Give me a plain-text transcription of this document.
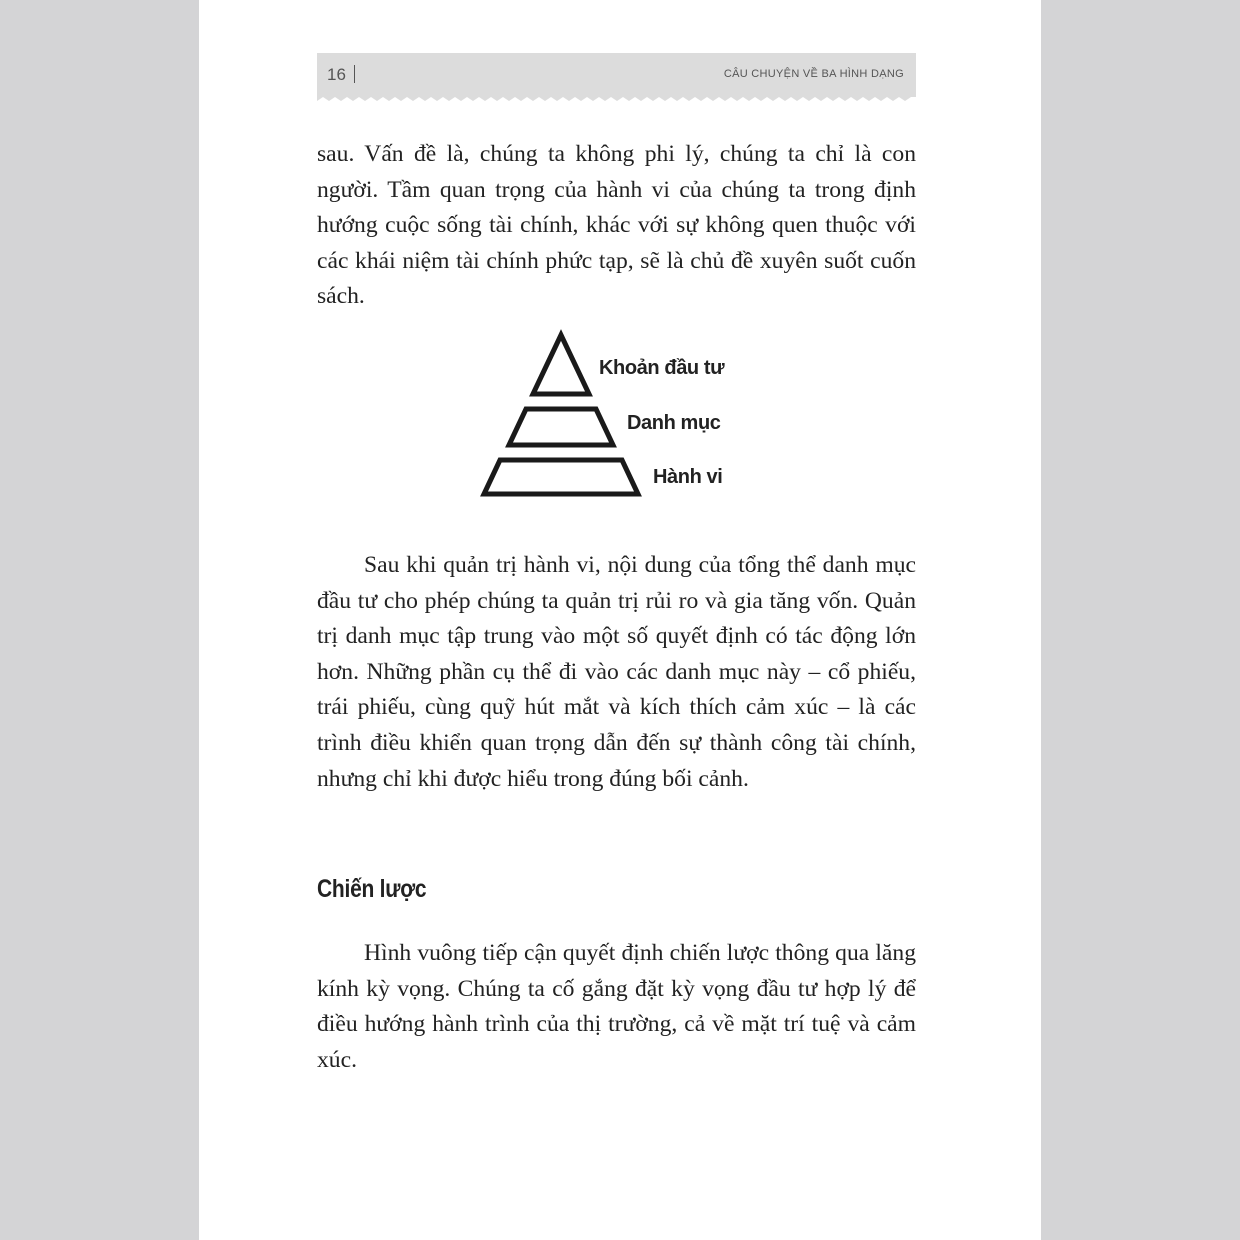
16	CÂU CHUYỆN VỀ BA HÌNH DẠNG

sau. Vấn đề là, chúng ta không phi lý, chúng ta chỉ là con người. Tầm quan trọng của hành vi của chúng ta trong định hướng cuộc sống tài chính, khác với sự không quen thuộc với các khái niệm tài chính phức tạp, sẽ là chủ đề xuyên suốt cuốn sách.

Khoản đầu tư
Danh mục
Hành vi

Sau khi quản trị hành vi, nội dung của tổng thể danh mục đầu tư cho phép chúng ta quản trị rủi ro và gia tăng vốn. Quản trị danh mục tập trung vào một số quyết định có tác động lớn hơn. Những phần cụ thể đi vào các danh mục này – cổ phiếu, trái phiếu, cùng quỹ hút mắt và kích thích cảm xúc – là các trình điều khiển quan trọng dẫn đến sự thành công tài chính, nhưng chỉ khi được hiểu trong đúng bối cảnh.

Chiến lược

Hình vuông tiếp cận quyết định chiến lược thông qua lăng kính kỳ vọng. Chúng ta cố gắng đặt kỳ vọng đầu tư hợp lý để điều hướng hành trình của thị trường, cả về mặt trí tuệ và cảm xúc.
